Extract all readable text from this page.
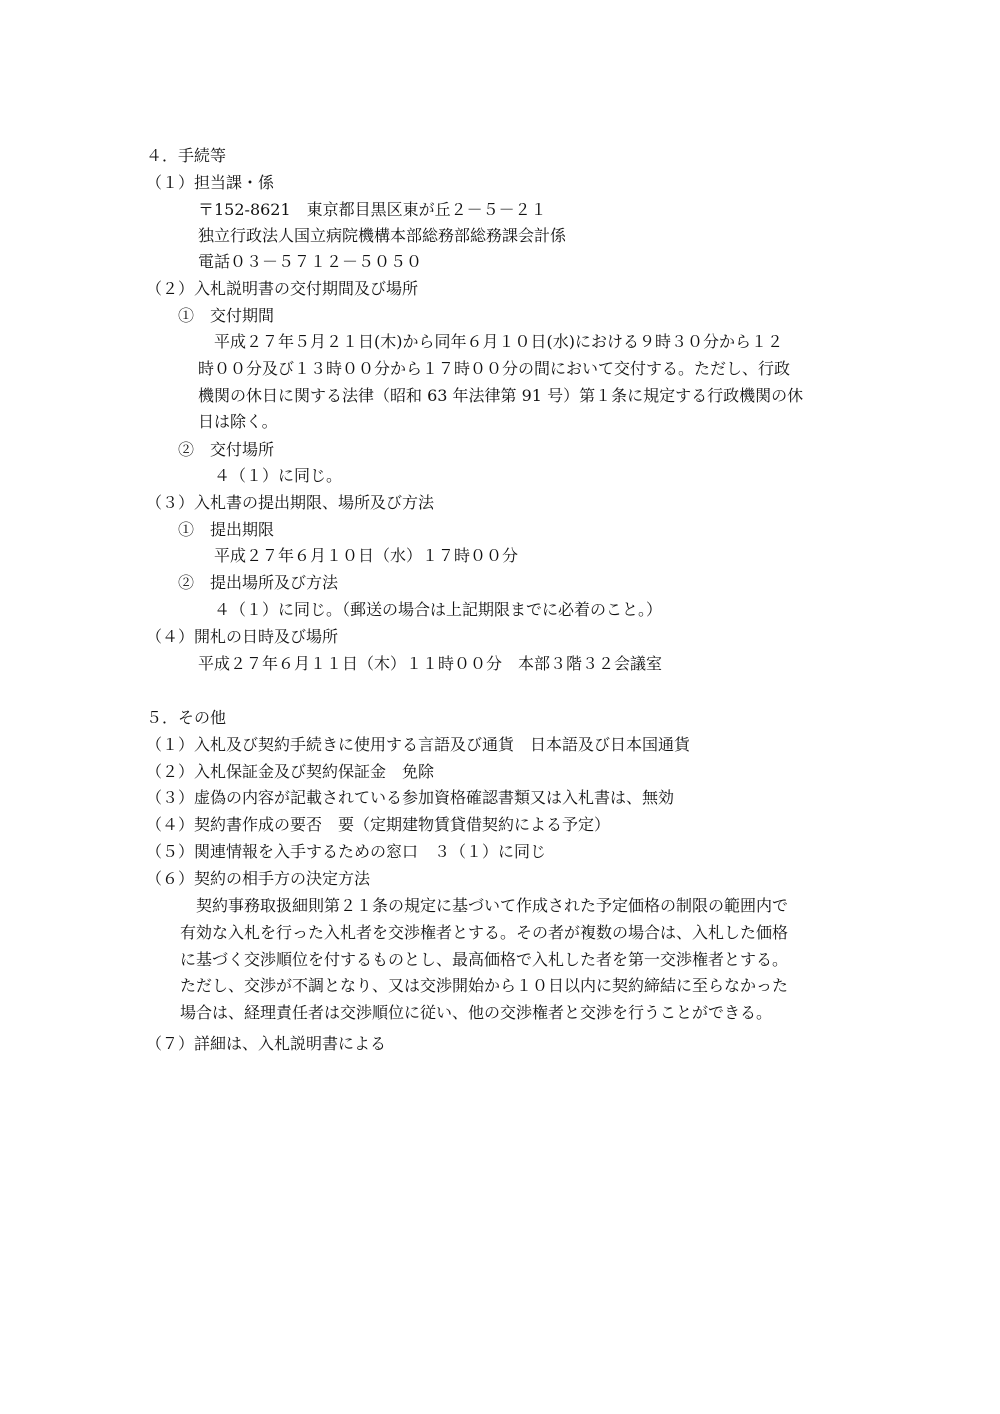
４．手続等
（１）担当課・係
〒152-8621　東京都目黒区東が丘２－５－２１
独立行政法人国立病院機構本部総務部総務課会計係
電話０３－５７１２－５０５０
（２）入札説明書の交付期間及び場所
①　交付期間
平成２７年５月２１日(木)から同年６月１０日(水)における９時３０分から１２
時００分及び１３時００分から１７時００分の間において交付する。ただし、行政
機関の休日に関する法律（昭和 63 年法律第 91 号）第１条に規定する行政機関の休
日は除く。
②　交付場所
４（１）に同じ。
（３）入札書の提出期限、場所及び方法
①　提出期限
平成２７年６月１０日（水）１７時００分
②　提出場所及び方法
４（１）に同じ。（郵送の場合は上記期限までに必着のこと。）
（４）開札の日時及び場所
平成２７年６月１１日（木）１１時００分　本部３階３２会議室
５．その他
（１）入札及び契約手続きに使用する言語及び通貨　日本語及び日本国通貨
（２）入札保証金及び契約保証金　免除
（３）虚偽の内容が記載されている参加資格確認書類又は入札書は、無効
（４）契約書作成の要否　要（定期建物賃貸借契約による予定）
（５）関連情報を入手するための窓口　３（１）に同じ
（６）契約の相手方の決定方法
契約事務取扱細則第２１条の規定に基づいて作成された予定価格の制限の範囲内で
有効な入札を行った入札者を交渉権者とする。その者が複数の場合は、入札した価格
に基づく交渉順位を付するものとし、最高価格で入札した者を第一交渉権者とする。
ただし、交渉が不調となり、又は交渉開始から１０日以内に契約締結に至らなかった
場合は、経理責任者は交渉順位に従い、他の交渉権者と交渉を行うことができる。
（７）詳細は、入札説明書による
